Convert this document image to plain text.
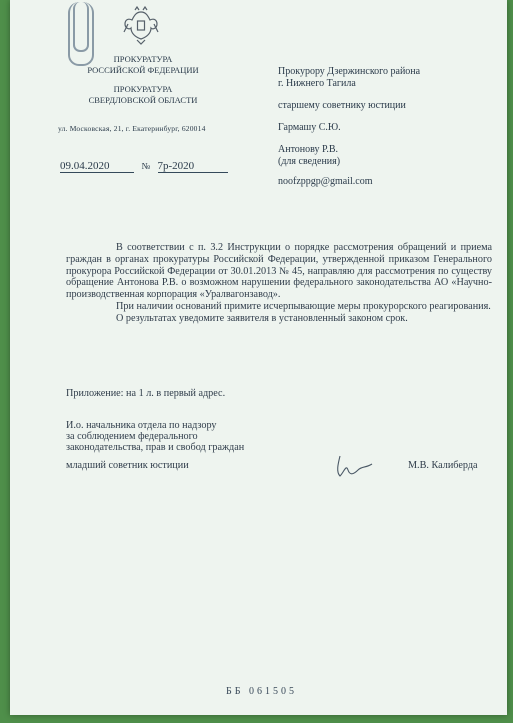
ПРОКУРАТУРА
РОССИЙСКОЙ ФЕДЕРАЦИИ
ПРОКУРАТУРА
СВЕРДЛОВСКОЙ ОБЛАСТИ
ул. Московская, 21, г. Екатеринбург, 620014
09.04.2020	№ 7р-2020
Прокурору Дзержинского района
г. Нижнего Тагила
старшему советнику юстиции
Гармашу С.Ю.
Антонову Р.В.
(для сведения)
noofzppgp@gmail.com
В соответствии с п. 3.2 Инструкции о порядке рассмотрения обращений и приема граждан в органах прокуратуры Российской Федерации, утвержденной приказом Генерального прокурора Российской Федерации от 30.01.2013 № 45, направляю для рассмотрения по существу обращение Антонова Р.В. о возможном нарушении федерального законодательства АО «Научно-производственная корпорация «Уралвагонзавод».
При наличии оснований примите исчерпывающие меры прокурорского реагирования.
О результатах уведомите заявителя в установленный законом срок.
Приложение: на 1 л. в первый адрес.
И.о. начальника отдела по надзору
за соблюдением федерального
законодательства, прав и свобод граждан
младший советник юстиции	М.В. Калиберда
ББ 061505
